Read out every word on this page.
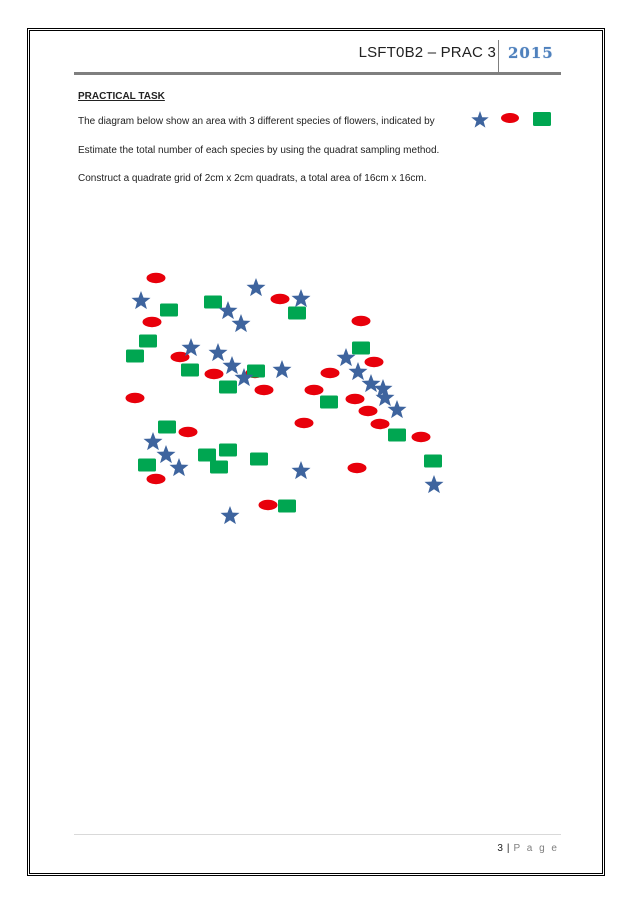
LSFT0B2 – PRAC 3 2015
PRACTICAL TASK
The diagram below show an area with 3 different species of flowers, indicated by
Estimate the total number of each species by using the quadrat sampling method.
Construct a quadrate grid of 2cm x 2cm quadrats, a total area of 16cm x 16cm.
3 | P a g e
